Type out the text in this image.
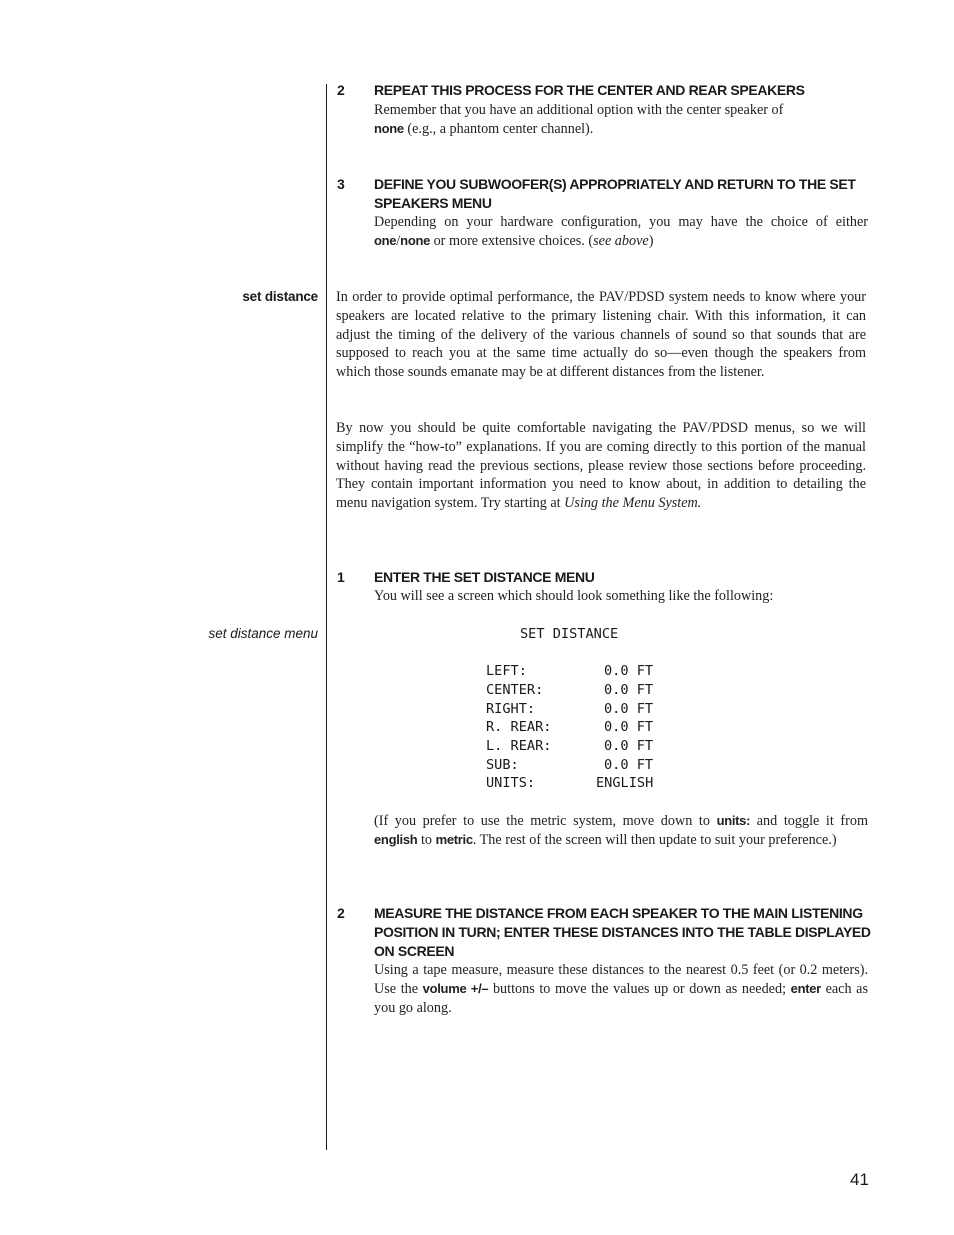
2 REPEAT THIS PROCESS FOR THE CENTER AND REAR SPEAKERS
Remember that you have an additional option with the center speaker of
none (e.g., a phantom center channel).
3 DEFINE YOU SUBWOOFER(S) APPROPRIATELY AND RETURN TO THE SET
SPEAKERS MENU
Depending on your hardware configuration, you may have the choice of either one/none or more extensive choices. (see above)
set distance In order to provide optimal performance, the PAV/PDSD system needs to know where your speakers are located relative to the primary listening chair. With this information, it can adjust the timing of the delivery of the various channels of sound so that sounds that are supposed to reach you at the same time actually do so—even though the speakers from which those sounds emanate may be at different distances from the listener.
By now you should be quite comfortable navigating the PAV/PDSD menus, so we will simplify the “how-to” explanations. If you are coming directly to this portion of the manual without having read the previous sections, please review those sections before proceeding. They contain important information you need to know about, in addition to detailing the menu navigation system. Try starting at Using the Menu System.
1 ENTER THE SET DISTANCE MENU
You will see a screen which should look something like the following:
set distance menu	SET DISTANCE
LEFT:	0.0 FT
CENTER:	0.0 FT
RIGHT:	0.0 FT
R. REAR:	0.0 FT
L. REAR:	0.0 FT
SUB:	0.0 FT
UNITS:	ENGLISH
(If you prefer to use the metric system, move down to units: and toggle it from english to metric. The rest of the screen will then update to suit your preference.)
2 MEASURE THE DISTANCE FROM EACH SPEAKER TO THE MAIN LISTENING
POSITION IN TURN; ENTER THESE DISTANCES INTO THE TABLE DISPLAYED
ON SCREEN
Using a tape measure, measure these distances to the nearest 0.5 feet (or 0.2 meters). Use the volume +/– buttons to move the values up or down as needed; enter each as you go along.
41
